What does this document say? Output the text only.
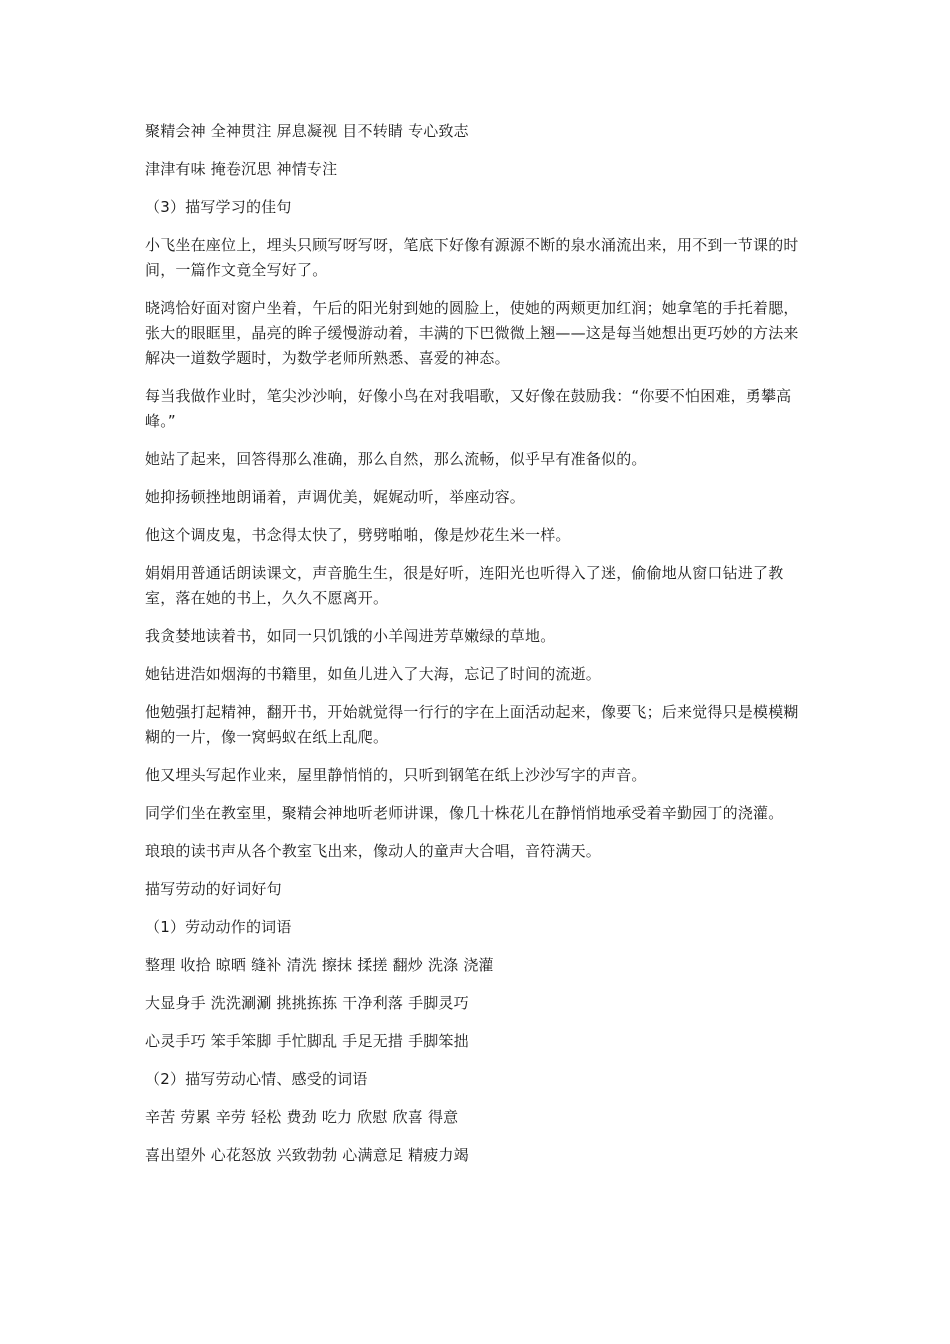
聚精会神 全神贯注 屏息凝视 目不转睛 专心致志

津津有味 掩卷沉思 神情专注

（3）描写学习的佳句

小飞坐在座位上，埋头只顾写呀写呀，笔底下好像有源源不断的泉水涌流出来，用不到一节课的时间，一篇作文竟全写好了。

晓鸿恰好面对窗户坐着，午后的阳光射到她的圆脸上，使她的两颊更加红润；她拿笔的手托着腮，张大的眼眶里，晶亮的眸子缓慢游动着，丰满的下巴微微上翘——这是每当她想出更巧妙的方法来解决一道数学题时，为数学老师所熟悉、喜爱的神态。

每当我做作业时，笔尖沙沙响，好像小鸟在对我唱歌，又好像在鼓励我：“你要不怕困难，勇攀高峰。”

她站了起来，回答得那么准确，那么自然，那么流畅，似乎早有准备似的。

她抑扬顿挫地朗诵着，声调优美，娓娓动听，举座动容。

他这个调皮鬼，书念得太快了，劈劈啪啪，像是炒花生米一样。

娟娟用普通话朗读课文，声音脆生生，很是好听，连阳光也听得入了迷，偷偷地从窗口钻进了教室，落在她的书上，久久不愿离开。

我贪婪地读着书，如同一只饥饿的小羊闯进芳草嫩绿的草地。

她钻进浩如烟海的书籍里，如鱼儿进入了大海，忘记了时间的流逝。

他勉强打起精神，翻开书，开始就觉得一行行的字在上面活动起来，像要飞；后来觉得只是模模糊糊的一片，像一窝蚂蚁在纸上乱爬。

他又埋头写起作业来，屋里静悄悄的，只听到钢笔在纸上沙沙写字的声音。

同学们坐在教室里，聚精会神地听老师讲课，像几十株花儿在静悄悄地承受着辛勤园丁的浇灌。

琅琅的读书声从各个教室飞出来，像动人的童声大合唱，音符满天。

描写劳动的好词好句

（1）劳动动作的词语

整理 收拾 晾晒 缝补 清洗 擦抹 揉搓 翻炒 洗涤 浇灌

大显身手 洗洗涮涮 挑挑拣拣 干净利落 手脚灵巧

心灵手巧 笨手笨脚 手忙脚乱 手足无措 手脚笨拙

（2）描写劳动心情、感受的词语

辛苦 劳累 辛劳 轻松 费劲 吃力 欣慰 欣喜 得意

喜出望外 心花怒放 兴致勃勃 心满意足 精疲力竭
